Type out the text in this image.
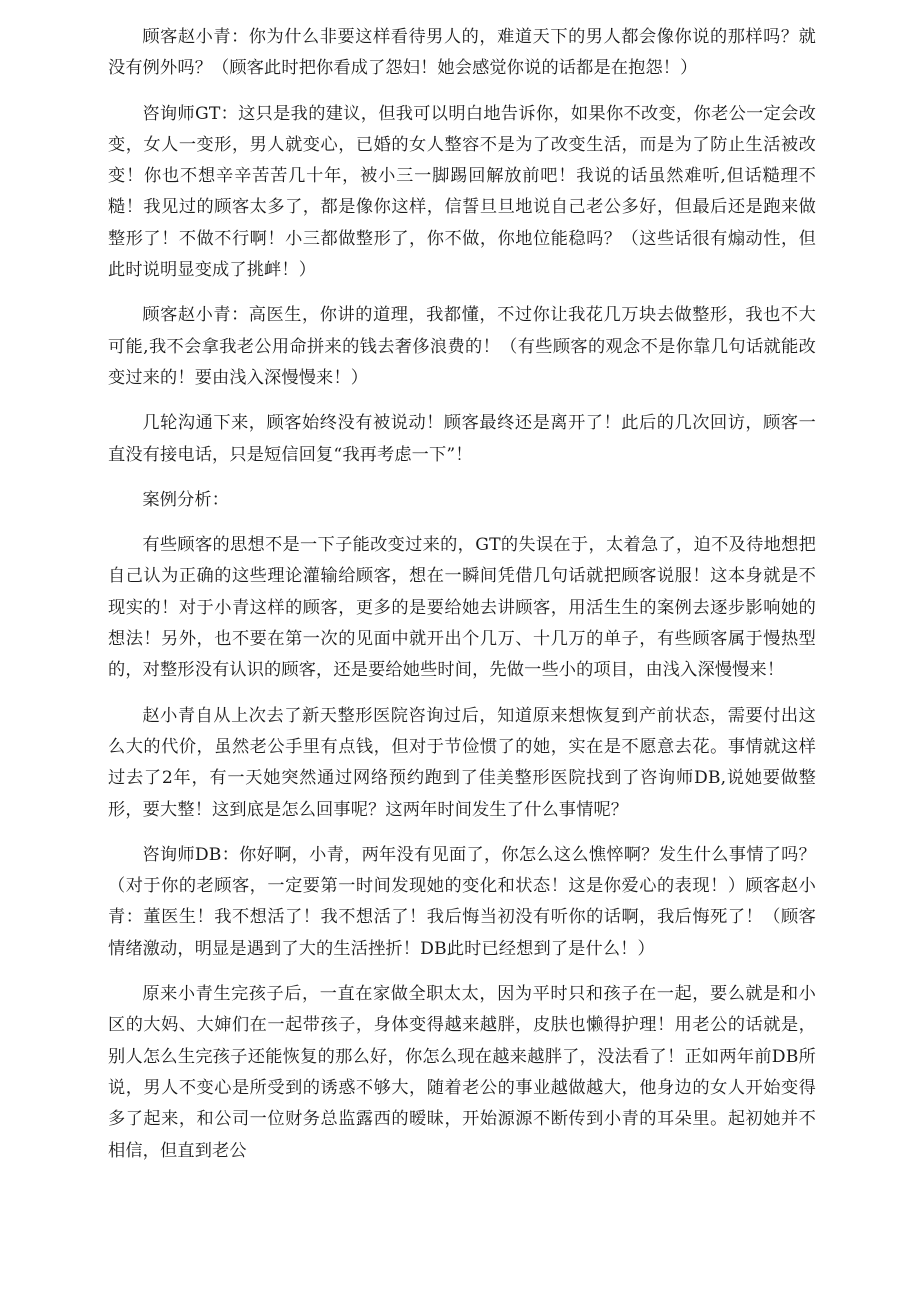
顾客赵小青：你为什么非要这样看待男人的，难道天下的男人都会像你说的那样吗？就没有例外吗？（顾客此时把你看成了怨妇！她会感觉你说的话都是在抱怨！）

咨询师GT：这只是我的建议，但我可以明白地告诉你，如果你不改变，你老公一定会改变，女人一变形，男人就变心，已婚的女人整容不是为了改变生活，而是为了防止生活被改变！你也不想辛辛苦苦几十年，被小三一脚踢回解放前吧！我说的话虽然难听,但话糙理不糙！我见过的顾客太多了，都是像你这样，信誓旦旦地说自己老公多好，但最后还是跑来做整形了！不做不行啊！小三都做整形了，你不做，你地位能稳吗？（这些话很有煽动性，但此时说明显变成了挑衅！）

顾客赵小青：高医生，你讲的道理，我都懂，不过你让我花几万块去做整形，我也不大可能,我不会拿我老公用命拼来的钱去奢侈浪费的！（有些顾客的观念不是你靠几句话就能改变过来的！要由浅入深慢慢来！）

几轮沟通下来，顾客始终没有被说动！顾客最终还是离开了！此后的几次回访，顾客一直没有接电话，只是短信回复“我再考虑一下”！

案例分析：

有些顾客的思想不是一下子能改变过来的，GT的失误在于，太着急了，迫不及待地想把自己认为正确的这些理论灌输给顾客，想在一瞬间凭借几句话就把顾客说服！这本身就是不现实的！对于小青这样的顾客，更多的是要给她去讲顾客，用活生生的案例去逐步影响她的想法！另外，也不要在第一次的见面中就开出个几万、十几万的单子，有些顾客属于慢热型的，对整形没有认识的顾客，还是要给她些时间，先做一些小的项目，由浅入深慢慢来！

赵小青自从上次去了新天整形医院咨询过后，知道原来想恢复到产前状态，需要付出这么大的代价，虽然老公手里有点钱，但对于节俭惯了的她，实在是不愿意去花。事情就这样过去了2年，有一天她突然通过网络预约跑到了佳美整形医院找到了咨询师DB,说她要做整形，要大整！这到底是怎么回事呢？这两年时间发生了什么事情呢？

咨询师DB：你好啊，小青，两年没有见面了，你怎么这么憔悴啊？发生什么事情了吗？（对于你的老顾客，一定要第一时间发现她的变化和状态！这是你爱心的表现！）顾客赵小青：董医生！我不想活了！我不想活了！我后悔当初没有听你的话啊，我后悔死了！（顾客情绪激动，明显是遇到了大的生活挫折！DB此时已经想到了是什么！）

原来小青生完孩子后，一直在家做全职太太，因为平时只和孩子在一起，要么就是和小区的大妈、大婶们在一起带孩子，身体变得越来越胖，皮肤也懒得护理！用老公的话就是，别人怎么生完孩子还能恢复的那么好，你怎么现在越来越胖了，没法看了！正如两年前DB所说，男人不变心是所受到的诱惑不够大，随着老公的事业越做越大，他身边的女人开始变得多了起来，和公司一位财务总监露西的暧昧，开始源源不断传到小青的耳朵里。起初她并不相信，但直到老公
